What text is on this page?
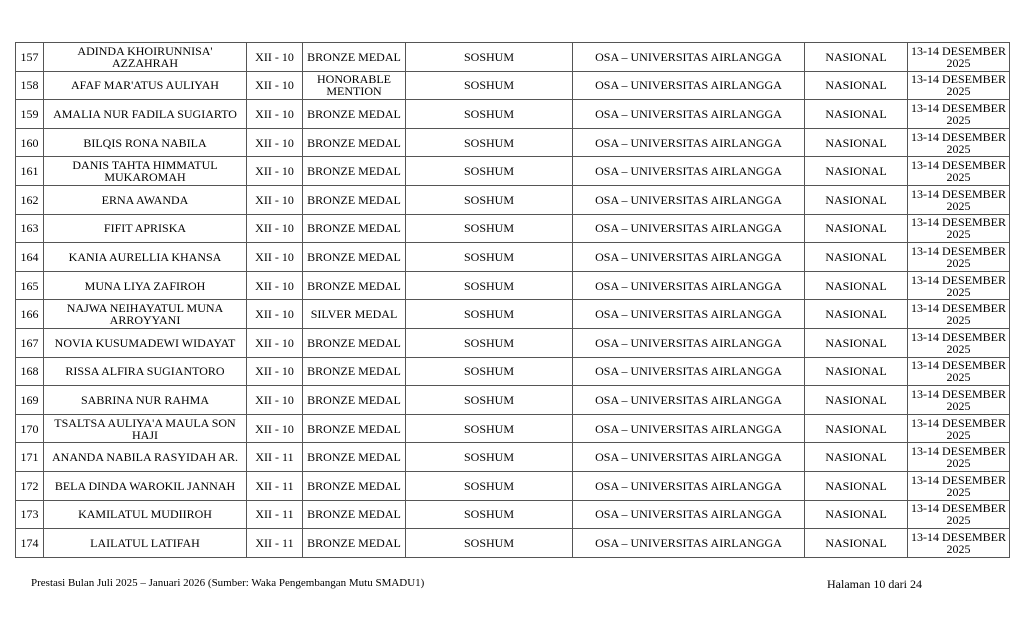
157	ADINDA KHOIRUNNISA' AZZAHRAH	XII - 10	BRONZE MEDAL	SOSHUM	OSA – UNIVERSITAS AIRLANGGA	NASIONAL	13-14 DESEMBER 2025
158	AFAF MAR'ATUS AULIYAH	XII - 10	HONORABLE MENTION	SOSHUM	OSA – UNIVERSITAS AIRLANGGA	NASIONAL	13-14 DESEMBER 2025
159	AMALIA NUR FADILA SUGIARTO	XII - 10	BRONZE MEDAL	SOSHUM	OSA – UNIVERSITAS AIRLANGGA	NASIONAL	13-14 DESEMBER 2025
160	BILQIS RONA NABILA	XII - 10	BRONZE MEDAL	SOSHUM	OSA – UNIVERSITAS AIRLANGGA	NASIONAL	13-14 DESEMBER 2025
161	DANIS TAHTA HIMMATUL MUKAROMAH	XII - 10	BRONZE MEDAL	SOSHUM	OSA – UNIVERSITAS AIRLANGGA	NASIONAL	13-14 DESEMBER 2025
162	ERNA AWANDA	XII - 10	BRONZE MEDAL	SOSHUM	OSA – UNIVERSITAS AIRLANGGA	NASIONAL	13-14 DESEMBER 2025
163	FIFIT APRISKA	XII - 10	BRONZE MEDAL	SOSHUM	OSA – UNIVERSITAS AIRLANGGA	NASIONAL	13-14 DESEMBER 2025
164	KANIA AURELLIA KHANSA	XII - 10	BRONZE MEDAL	SOSHUM	OSA – UNIVERSITAS AIRLANGGA	NASIONAL	13-14 DESEMBER 2025
165	MUNA LIYA ZAFIROH	XII - 10	BRONZE MEDAL	SOSHUM	OSA – UNIVERSITAS AIRLANGGA	NASIONAL	13-14 DESEMBER 2025
166	NAJWA NEIHAYATUL MUNA ARROYYANI	XII - 10	SILVER MEDAL	SOSHUM	OSA – UNIVERSITAS AIRLANGGA	NASIONAL	13-14 DESEMBER 2025
167	NOVIA KUSUMADEWI WIDAYAT	XII - 10	BRONZE MEDAL	SOSHUM	OSA – UNIVERSITAS AIRLANGGA	NASIONAL	13-14 DESEMBER 2025
168	RISSA ALFIRA SUGIANTORO	XII - 10	BRONZE MEDAL	SOSHUM	OSA – UNIVERSITAS AIRLANGGA	NASIONAL	13-14 DESEMBER 2025
169	SABRINA NUR RAHMA	XII - 10	BRONZE MEDAL	SOSHUM	OSA – UNIVERSITAS AIRLANGGA	NASIONAL	13-14 DESEMBER 2025
170	TSALTSA AULIYA'A MAULA SON HAJI	XII - 10	BRONZE MEDAL	SOSHUM	OSA – UNIVERSITAS AIRLANGGA	NASIONAL	13-14 DESEMBER 2025
171	ANANDA NABILA RASYIDAH AR.	XII - 11	BRONZE MEDAL	SOSHUM	OSA – UNIVERSITAS AIRLANGGA	NASIONAL	13-14 DESEMBER 2025
172	BELA DINDA WAROKIL JANNAH	XII - 11	BRONZE MEDAL	SOSHUM	OSA – UNIVERSITAS AIRLANGGA	NASIONAL	13-14 DESEMBER 2025
173	KAMILATUL MUDIIROH	XII - 11	BRONZE MEDAL	SOSHUM	OSA – UNIVERSITAS AIRLANGGA	NASIONAL	13-14 DESEMBER 2025
174	LAILATUL LATIFAH	XII - 11	BRONZE MEDAL	SOSHUM	OSA – UNIVERSITAS AIRLANGGA	NASIONAL	13-14 DESEMBER 2025
Prestasi Bulan Juli 2025 – Januari 2026 (Sumber: Waka Pengembangan Mutu SMADU1)	Halaman 10 dari 24
